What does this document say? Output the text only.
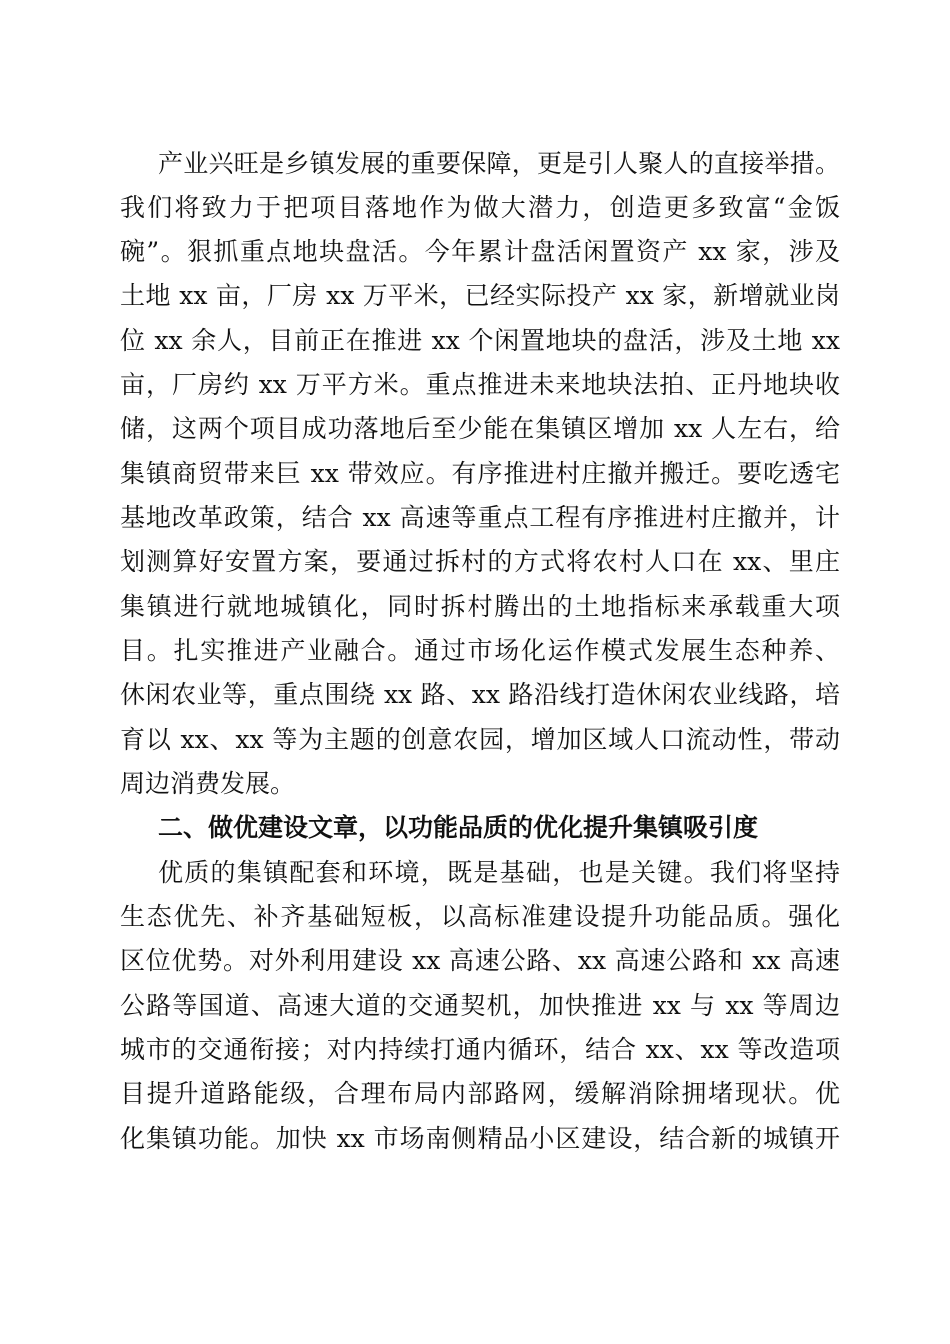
产业兴旺是乡镇发展的重要保障，更是引人聚人的直接举措。
我们将致力于把项目落地作为做大潜力，创造更多致富“金饭
碗”。狠抓重点地块盘活。今年累计盘活闲置资产 xx 家，涉及
土地 xx 亩，厂房 xx 万平米，已经实际投产 xx 家，新增就业岗
位 xx 余人，目前正在推进 xx 个闲置地块的盘活，涉及土地 xx
亩，厂房约 xx 万平方米。重点推进未来地块法拍、正丹地块收
储，这两个项目成功落地后至少能在集镇区增加 xx 人左右，给
集镇商贸带来巨 xx 带效应。有序推进村庄撤并搬迁。要吃透宅
基地改革政策，结合 xx 高速等重点工程有序推进村庄撤并，计
划测算好安置方案，要通过拆村的方式将农村人口在 xx、里庄
集镇进行就地城镇化，同时拆村腾出的土地指标来承载重大项
目。扎实推进产业融合。通过市场化运作模式发展生态种养、
休闲农业等，重点围绕 xx 路、xx 路沿线打造休闲农业线路，培
育以 xx、xx 等为主题的创意农园，增加区域人口流动性，带动
周边消费发展。
二、做优建设文章，以功能品质的优化提升集镇吸引度
优质的集镇配套和环境，既是基础，也是关键。我们将坚持
生态优先、补齐基础短板，以高标准建设提升功能品质。强化
区位优势。对外利用建设 xx 高速公路、xx 高速公路和 xx 高速
公路等国道、高速大道的交通契机，加快推进 xx 与 xx 等周边
城市的交通衔接；对内持续打通内循环，结合 xx、xx 等改造项
目提升道路能级，合理布局内部路网，缓解消除拥堵现状。优
化集镇功能。加快 xx 市场南侧精品小区建设，结合新的城镇开
